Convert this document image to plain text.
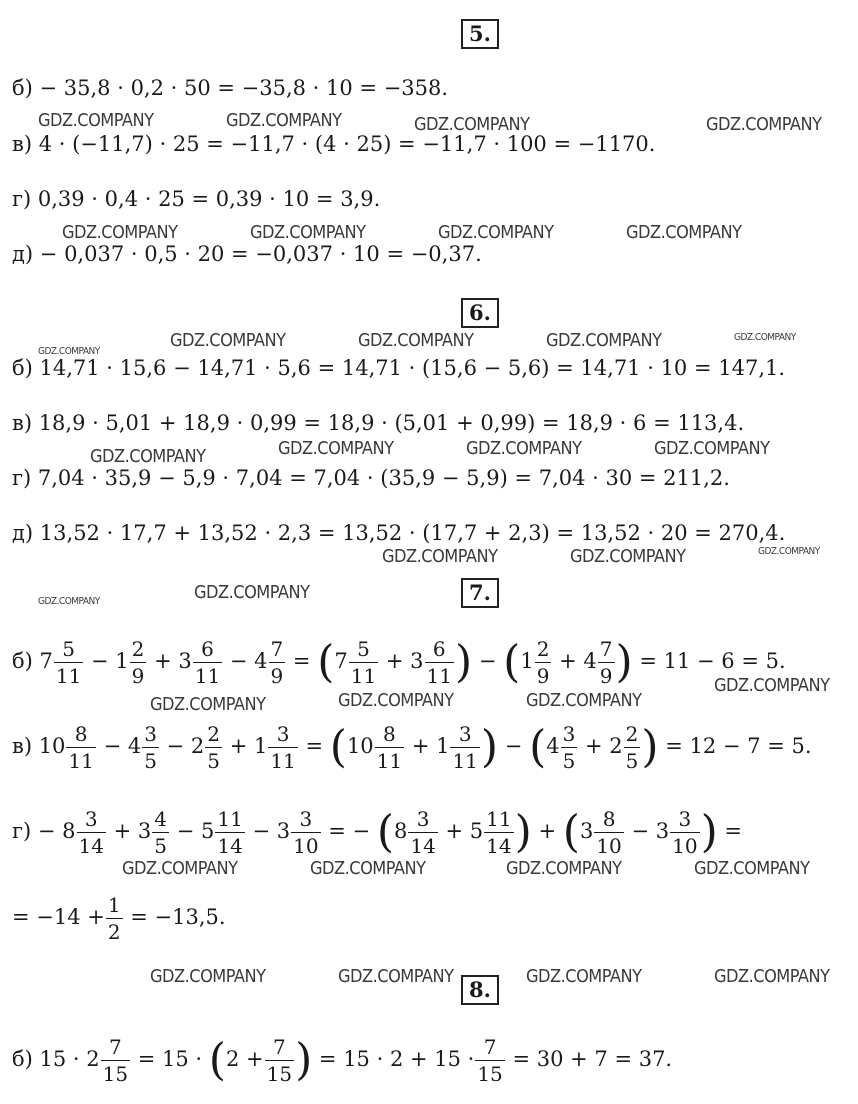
5.
6.
7.
8.
б) − 35,8 · 0,2 · 50 = −35,8 · 10 = −358.
в) 4 · (−11,7) · 25 = −11,7 · (4 · 25) = −11,7 · 100 = −1170.
г) 0,39 · 0,4 · 25 = 0,39 · 10 = 3,9.
д) − 0,037 · 0,5 · 20 = −0,037 · 10 = −0,37.
б) 14,71 · 15,6 − 14,71 · 5,6 = 14,71 · (15,6 − 5,6) = 14,71 · 10 = 147,1.
в) 18,9 · 5,01 + 18,9 · 0,99 = 18,9 · (5,01 + 0,99) = 18,9 · 6 = 113,4.
г) 7,04 · 35,9 − 5,9 · 7,04 = 7,04 · (35,9 − 5,9) = 7,04 · 30 = 211,2.
д) 13,52 · 17,7 + 13,52 · 2,3 = 13,52 · (17,7 + 2,3) = 13,52 · 20 = 270,4.
б) $7 \frac{5}{11} - 1 \frac{2}{9} + 3 \frac{6}{11} - 4 \frac{7}{9} = (7 \frac{5}{11} + 3 \frac{6}{11}$ ) − ($1 \frac{2}{9} + 4 \frac{7}{9}$ ) = 11 − 6 = 5.
в) $10 \frac{8}{11} - 4 \frac{3}{5} - 2 \frac{2}{5} + 1 \frac{3}{11} = (10 \frac{8}{11} + 1 \frac{3}{11}$ ) − ($4 \frac{3}{5} + 2 \frac{2}{5}$ ) = 12 − 7 = 5.
$г) - 8 \frac{3}{14} + 3 \frac{4}{5} - 5 \frac{11}{14} - 3 \frac{3}{10}$ = − ($8 \frac{3}{14} + 5 \frac{11}{14}$ ) + ($3 \frac{8}{10} - 3 \frac{3}{10}$ ) =
= $-14 + \frac{1}{2} = -13,5$.
б) $15 \cdot 2 \frac{7}{15} = 15 \cdot (2 + \frac{7}{15}$ ) = $15 \cdot 2 + 15 \cdot \frac{7}{15} = 30 + 7 = 37$.
GDZ.COMPANY	GDZ.COMPANY	GDZ.COMPANY	GDZ.COMPANY
GDZ.COMPANY	GDZ.COMPANY	GDZ.COMPANY	GDZ.COMPANY
GDZ.COMPANY
GDZ.COMPANY	GDZ.COMPANY	GDZ.COMPANY	GDZ.COMPANY
GDZ.COMPANY	GDZ.COMPANY	GDZ.COMPANY	GDZ.COMPANY
GDZ.COMPANY	GDZ.COMPANY	GDZ.COMPANY
GDZ.COMPANY	GDZ.COMPANY
GDZ.COMPANY
GDZ.COMPANY	GDZ.COMPANY	GDZ.COMPANY
GDZ.COMPANY	GDZ.COMPANY	GDZ.COMPANY	GDZ.COMPANY
GDZ.COMPANY	GDZ.COMPANY	GDZ.COMPANY	GDZ.COMPANY
